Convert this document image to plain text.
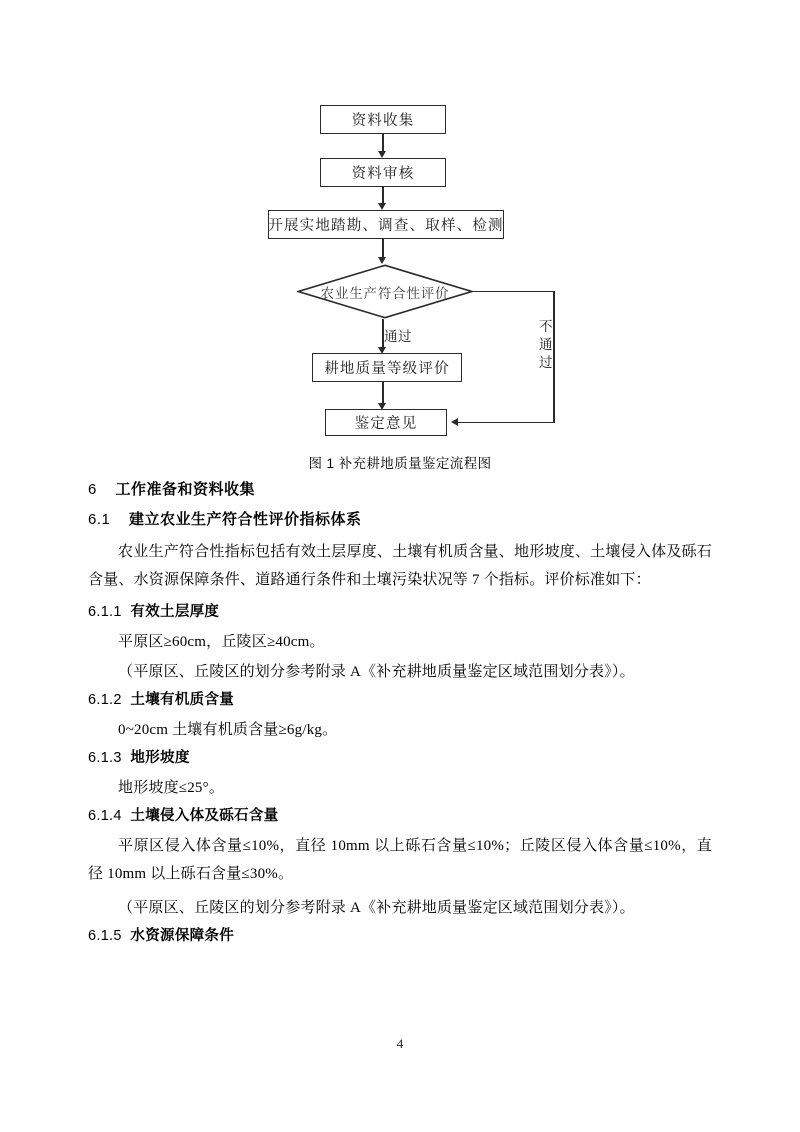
资料收集
资料审核
开展实地踏勘、调查、取样、检测
农业生产符合性评价
通过
耕地质量等级评价
鉴定意见
不通过
图 1 补充耕地质量鉴定流程图
6 工作准备和资料收集
6.1 建立农业生产符合性评价指标体系
农业生产符合性指标包括有效土层厚度、土壤有机质含量、地形坡度、土壤侵入体及砾石含量、水资源保障条件、道路通行条件和土壤污染状况等 7 个指标。评价标准如下：
6.1.1 有效土层厚度
平原区≥60cm，丘陵区≥40cm。
（平原区、丘陵区的划分参考附录 A《补充耕地质量鉴定区域范围划分表》）。
6.1.2 土壤有机质含量
0~20cm 土壤有机质含量≥6g/kg。
6.1.3 地形坡度
地形坡度≤25°。
6.1.4 土壤侵入体及砾石含量
平原区侵入体含量≤10%，直径 10mm 以上砾石含量≤10%；丘陵区侵入体含量≤10%，直径 10mm 以上砾石含量≤30%。
（平原区、丘陵区的划分参考附录 A《补充耕地质量鉴定区域范围划分表》）。
6.1.5 水资源保障条件
4
